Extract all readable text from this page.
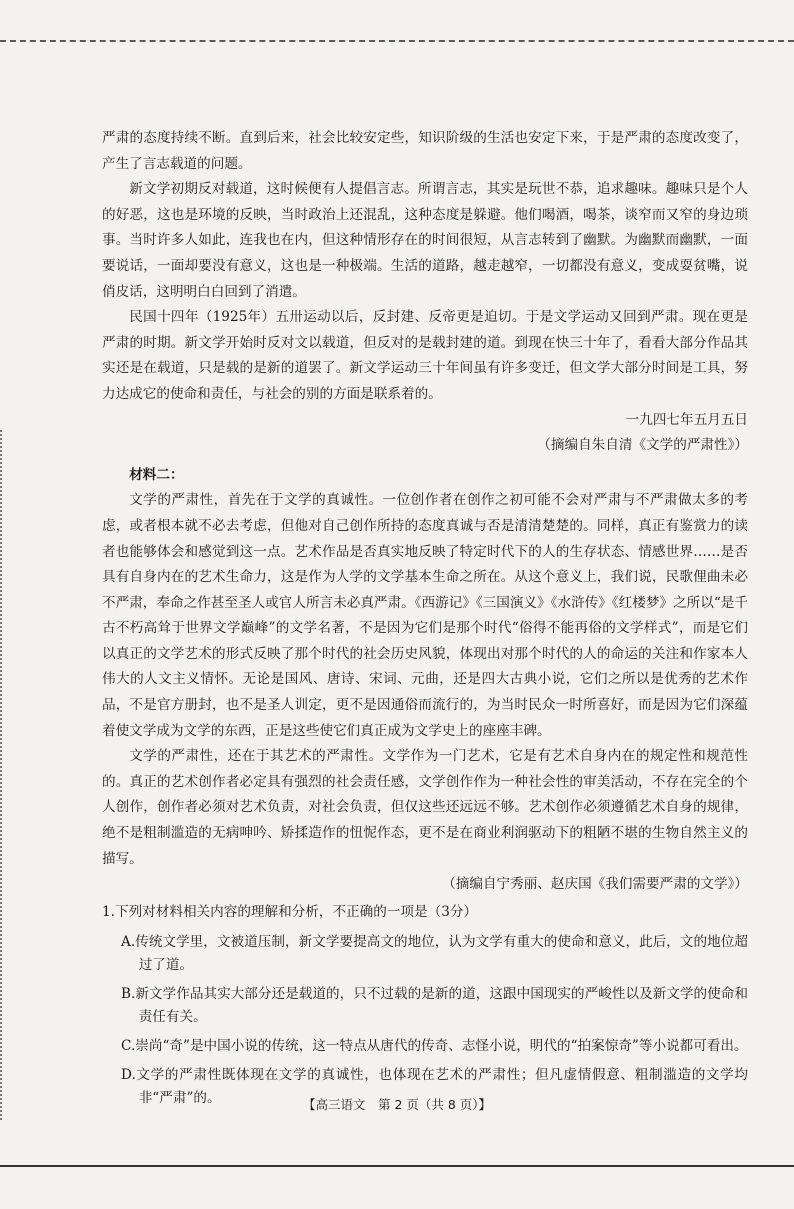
严肃的态度持续不断。直到后来，社会比较安定些，知识阶级的生活也安定下来，于是严肃的态度改变了，产生了言志载道的问题。

新文学初期反对载道，这时候便有人提倡言志。所谓言志，其实是玩世不恭，追求趣味。趣味只是个人的好恶，这也是环境的反映，当时政治上还混乱，这种态度是躲避。他们喝酒，喝茶，谈窄而又窄的身边琐事。当时许多人如此，连我也在内，但这种情形存在的时间很短，从言志转到了幽默。为幽默而幽默，一面要说话，一面却要没有意义，这也是一种极端。生活的道路，越走越窄，一切都没有意义，变成耍贫嘴，说俏皮话，这明明白白回到了消遣。

民国十四年（1925年）五卅运动以后，反封建、反帝更是迫切。于是文学运动又回到严肃。现在更是严肃的时期。新文学开始时反对文以载道，但反对的是载封建的道。到现在快三十年了，看看大部分作品其实还是在载道，只是载的是新的道罢了。新文学运动三十年间虽有许多变迁，但文学大部分时间是工具，努力达成它的使命和责任，与社会的别的方面是联系着的。

一九四七年五月五日

（摘编自朱自清《文学的严肃性》）

材料二：

文学的严肃性，首先在于文学的真诚性。一位创作者在创作之初可能不会对严肃与不严肃做太多的考虑，或者根本就不必去考虑，但他对自己创作所持的态度真诚与否是清清楚楚的。同样，真正有鉴赏力的读者也能够体会和感觉到这一点。艺术作品是否真实地反映了特定时代下的人的生存状态、情感世界……是否具有自身内在的艺术生命力，这是作为人学的文学基本生命之所在。从这个意义上，我们说，民歌俚曲未必不严肃，奉命之作甚至圣人或官人所言未必真严肃。《西游记》《三国演义》《水浒传》《红楼梦》之所以“是千古不朽高耸于世界文学巅峰”的文学名著，不是因为它们是那个时代“俗得不能再俗的文学样式”，而是它们以真正的文学艺术的形式反映了那个时代的社会历史风貌，体现出对那个时代的人的命运的关注和作家本人伟大的人文主义情怀。无论是国风、唐诗、宋词、元曲，还是四大古典小说，它们之所以是优秀的艺术作品，不是官方册封，也不是圣人训定，更不是因通俗而流行的，为当时民众一时所喜好，而是因为它们深蕴着使文学成为文学的东西，正是这些使它们真正成为文学史上的座座丰碑。

文学的严肃性，还在于其艺术的严肃性。文学作为一门艺术，它是有艺术自身内在的规定性和规范性的。真正的艺术创作者必定具有强烈的社会责任感，文学创作作为一种社会性的审美活动，不存在完全的个人创作，创作者必须对艺术负责，对社会负责，但仅这些还远远不够。艺术创作必须遵循艺术自身的规律，绝不是粗制滥造的无病呻吟、矫揉造作的忸怩作态，更不是在商业利润驱动下的粗陋不堪的生物自然主义的描写。

（摘编自宁秀丽、赵庆国《我们需要严肃的文学》）

1.下列对材料相关内容的理解和分析，不正确的一项是（3分）

A.传统文学里，文被道压制，新文学要提高文的地位，认为文学有重大的使命和意义，此后，文的地位超过了道。

B.新文学作品其实大部分还是载道的，只不过载的是新的道，这跟中国现实的严峻性以及新文学的使命和责任有关。

C.崇尚“奇”是中国小说的传统，这一特点从唐代的传奇、志怪小说，明代的“拍案惊奇”等小说都可看出。

D.文学的严肃性既体现在文学的真诚性，也体现在艺术的严肃性；但凡虚情假意、粗制滥造的文学均非“严肃”的。	【高三语文　第 2 页（共 8 页）】
